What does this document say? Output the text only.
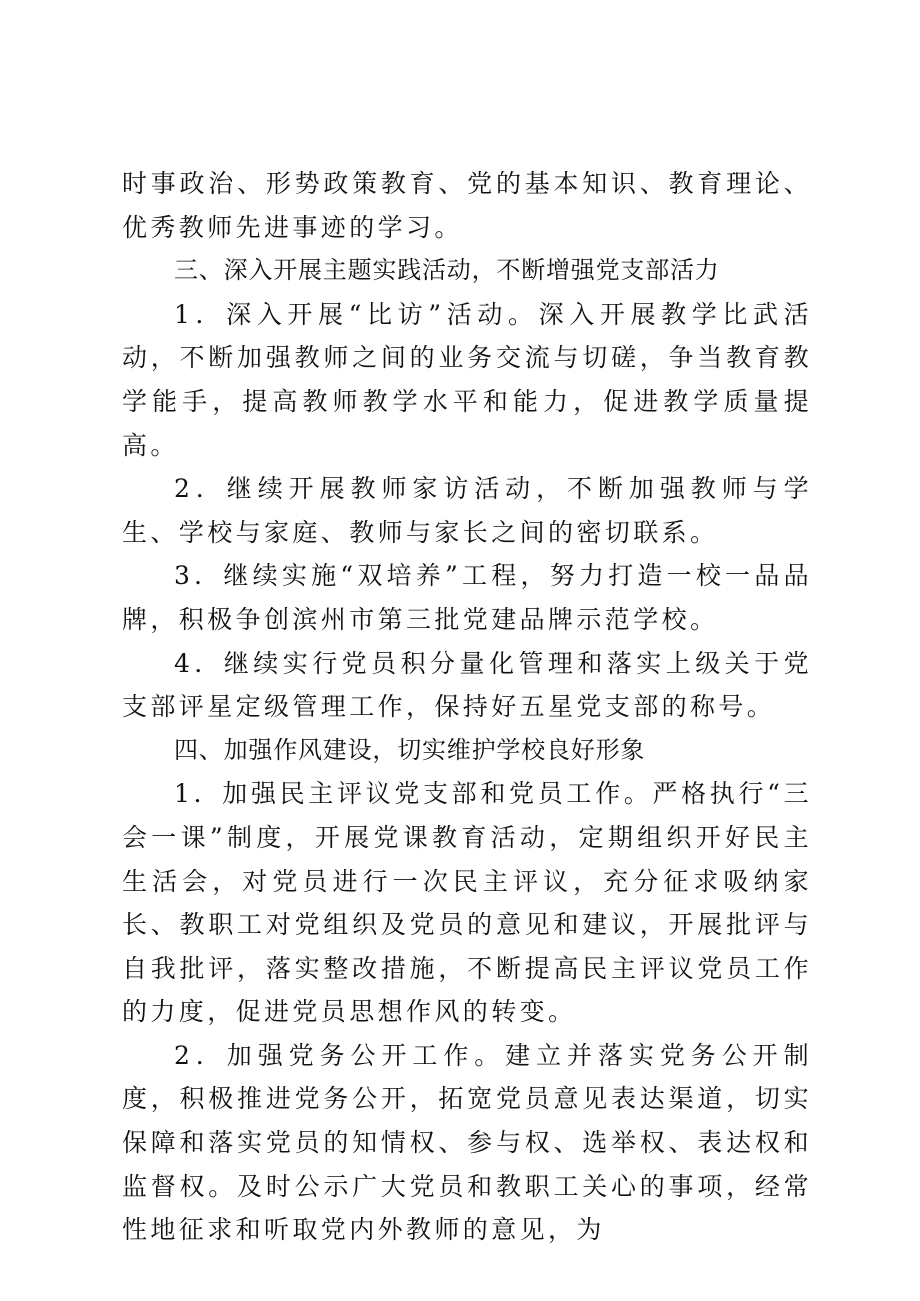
时事政治、形势政策教育、党的基本知识、教育理论、优秀教师先进事迹的学习。

三、深入开展主题实践活动，不断增强党支部活力

1．深入开展“比访”活动。深入开展教学比武活动，不断加强教师之间的业务交流与切磋，争当教育教学能手，提高教师教学水平和能力，促进教学质量提高。

2．继续开展教师家访活动，不断加强教师与学生、学校与家庭、教师与家长之间的密切联系。

3．继续实施“双培养”工程，努力打造一校一品品牌，积极争创滨州市第三批党建品牌示范学校。

4．继续实行党员积分量化管理和落实上级关于党支部评星定级管理工作，保持好五星党支部的称号。

四、加强作风建设，切实维护学校良好形象

1．加强民主评议党支部和党员工作。严格执行“三会一课”制度，开展党课教育活动，定期组织开好民主生活会，对党员进行一次民主评议，充分征求吸纳家长、教职工对党组织及党员的意见和建议，开展批评与自我批评，落实整改措施，不断提高民主评议党员工作的力度，促进党员思想作风的转变。

2．加强党务公开工作。建立并落实党务公开制度，积极推进党务公开，拓宽党员意见表达渠道，切实保障和落实党员的知情权、参与权、选举权、表达权和监督权。及时公示广大党员和教职工关心的事项，经常性地征求和听取党内外教师的意见，为
